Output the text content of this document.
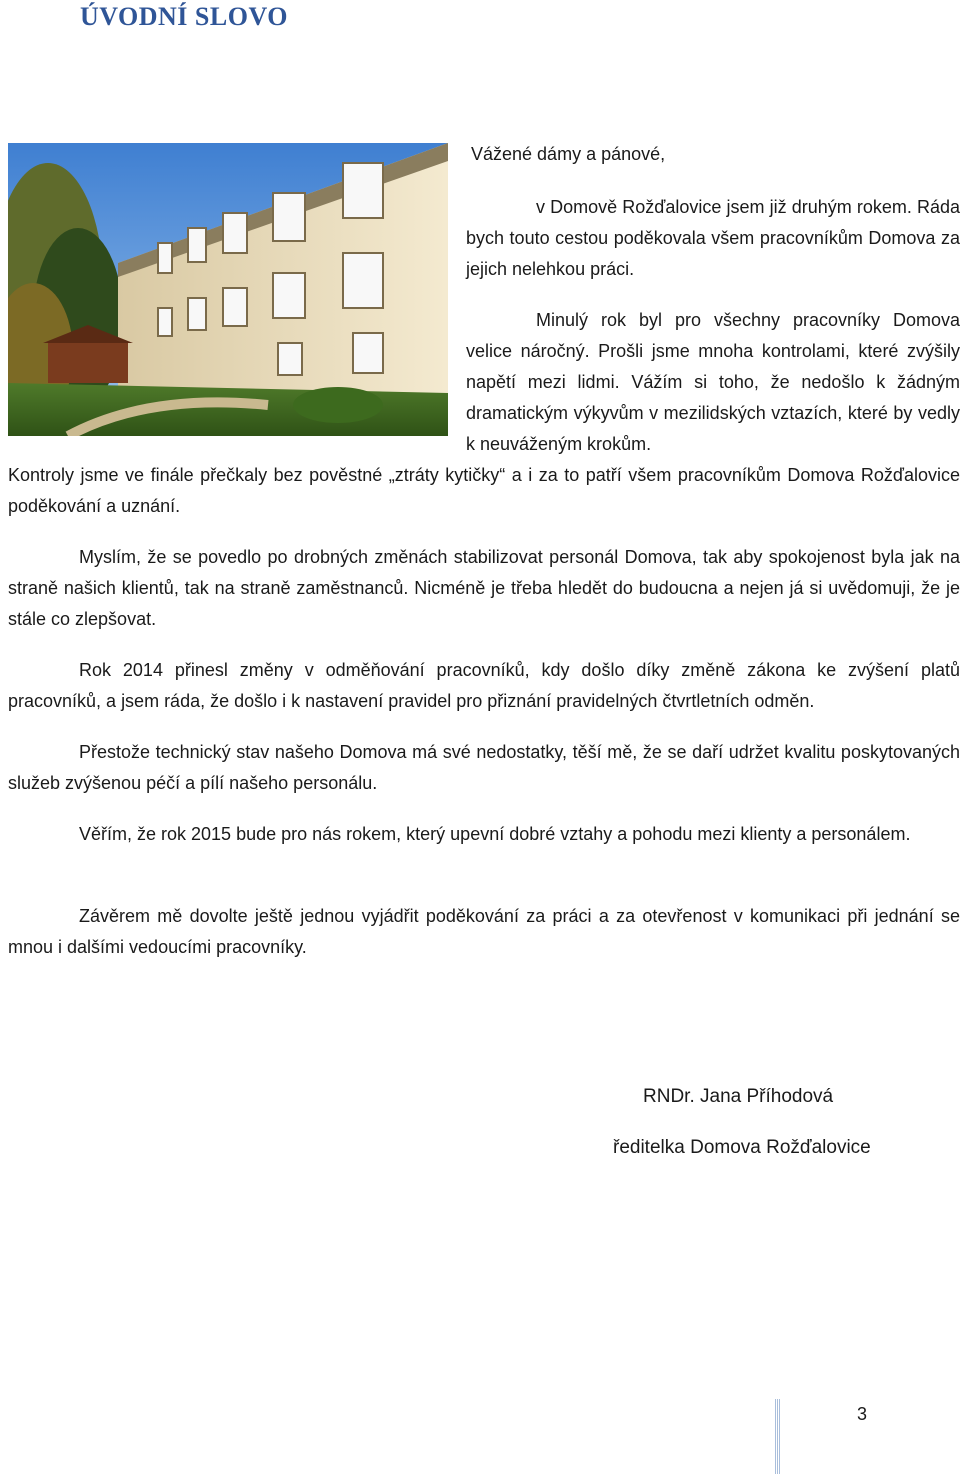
ÚVODNÍ SLOVO

Vážené dámy a pánové,

v Domově Rožďalovice jsem již druhým rokem. Ráda bych touto cestou poděkovala všem pracovníkům Domova za jejich nelehkou práci.

Minulý rok byl pro všechny pracovníky Domova velice náročný. Prošli jsme mnoha kontrolami, které zvýšily napětí mezi lidmi. Vážím si toho, že nedošlo k žádným dramatickým výkyvům v mezilidských vztazích, které by vedly k neuváženým krokům.

Kontroly jsme ve finále přečkaly bez pověstné „ztráty kytičky“ a i za to patří všem pracovníkům Domova Rožďalovice poděkování a uznání.

Myslím, že se povedlo po drobných změnách stabilizovat personál Domova, tak aby spokojenost byla jak na straně našich klientů, tak na straně zaměstnanců. Nicméně je třeba hledět do budoucna a nejen já si uvědomuji, že je stále co zlepšovat.

Rok 2014 přinesl změny v odměňování pracovníků, kdy došlo díky změně zákona ke zvýšení platů pracovníků, a jsem ráda, že došlo i k nastavení pravidel pro přiznání pravidelných čtvrtletních odměn.

Přestože technický stav našeho Domova má své nedostatky, těší mě, že se daří udržet kvalitu poskytovaných služeb zvýšenou péčí a pílí našeho personálu.

Věřím, že rok 2015 bude pro nás rokem, který upevní dobré vztahy a pohodu mezi klienty a personálem.

Závěrem mě dovolte ještě jednou vyjádřit poděkování za práci a za otevřenost v komunikaci při jednání se mnou i dalšími vedoucími pracovníky.

RNDr. Jana Příhodová

ředitelka Domova Rožďalovice

3
